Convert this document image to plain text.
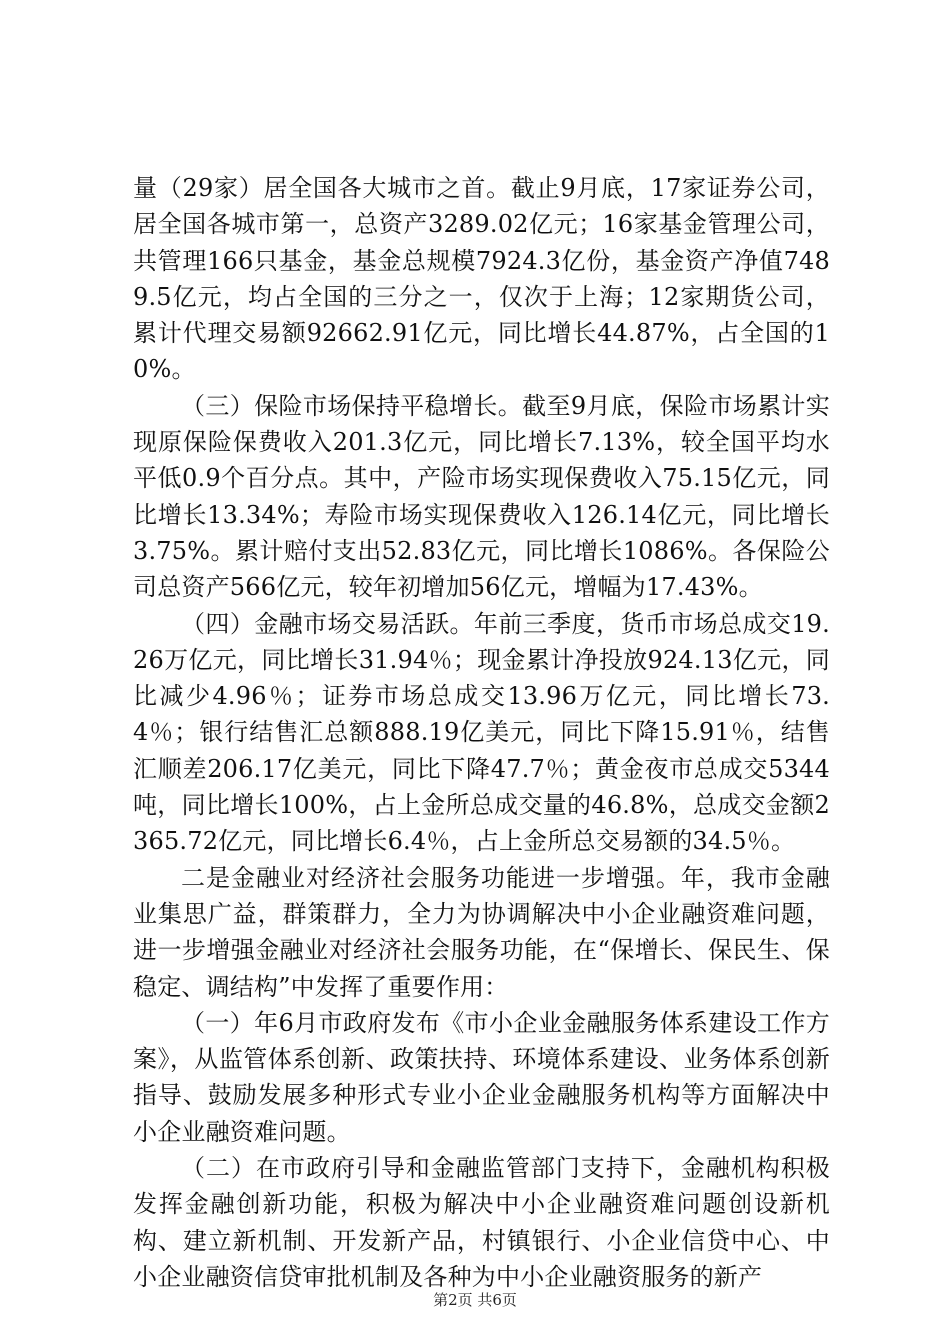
量（29家）居全国各大城市之首。截止9月底，17家证券公司，居全国各城市第一，总资产3289.02亿元；16家基金管理公司，共管理166只基金，基金总规模7924.3亿份，基金资产净值7489.5亿元，均占全国的三分之一，仅次于上海；12家期货公司，累计代理交易额92662.91亿元，同比增长44.87%，占全国的10%。

（三）保险市场保持平稳增长。截至9月底，保险市场累计实现原保险保费收入201.3亿元，同比增长7.13%，较全国平均水平低0.9个百分点。其中，产险市场实现保费收入75.15亿元，同比增长13.34%；寿险市场实现保费收入126.14亿元，同比增长3.75%。累计赔付支出52.83亿元，同比增长1086%。各保险公司总资产566亿元，较年初增加56亿元，增幅为17.43%。

（四）金融市场交易活跃。年前三季度，货币市场总成交19.26万亿元，同比增长31.94％；现金累计净投放924.13亿元，同比减少4.96％；证券市场总成交13.96万亿元，同比增长73.4％；银行结售汇总额888.19亿美元，同比下降15.91％，结售汇顺差206.17亿美元，同比下降47.7％；黄金夜市总成交5344吨，同比增长100%，占上金所总成交量的46.8%，总成交金额2365.72亿元，同比增长6.4％，占上金所总交易额的34.5％。

二是金融业对经济社会服务功能进一步增强。年，我市金融业集思广益，群策群力，全力为协调解决中小企业融资难问题，进一步增强金融业对经济社会服务功能，在“保增长、保民生、保稳定、调结构”中发挥了重要作用：

（一）年6月市政府发布《市小企业金融服务体系建设工作方案》，从监管体系创新、政策扶持、环境体系建设、业务体系创新指导、鼓励发展多种形式专业小企业金融服务机构等方面解决中小企业融资难问题。

（二）在市政府引导和金融监管部门支持下，金融机构积极发挥金融创新功能，积极为解决中小企业融资难问题创设新机构、建立新机制、开发新产品，村镇银行、小企业信贷中心、中小企业融资信贷审批机制及各种为中小企业融资服务的新产

第2页 共6页
